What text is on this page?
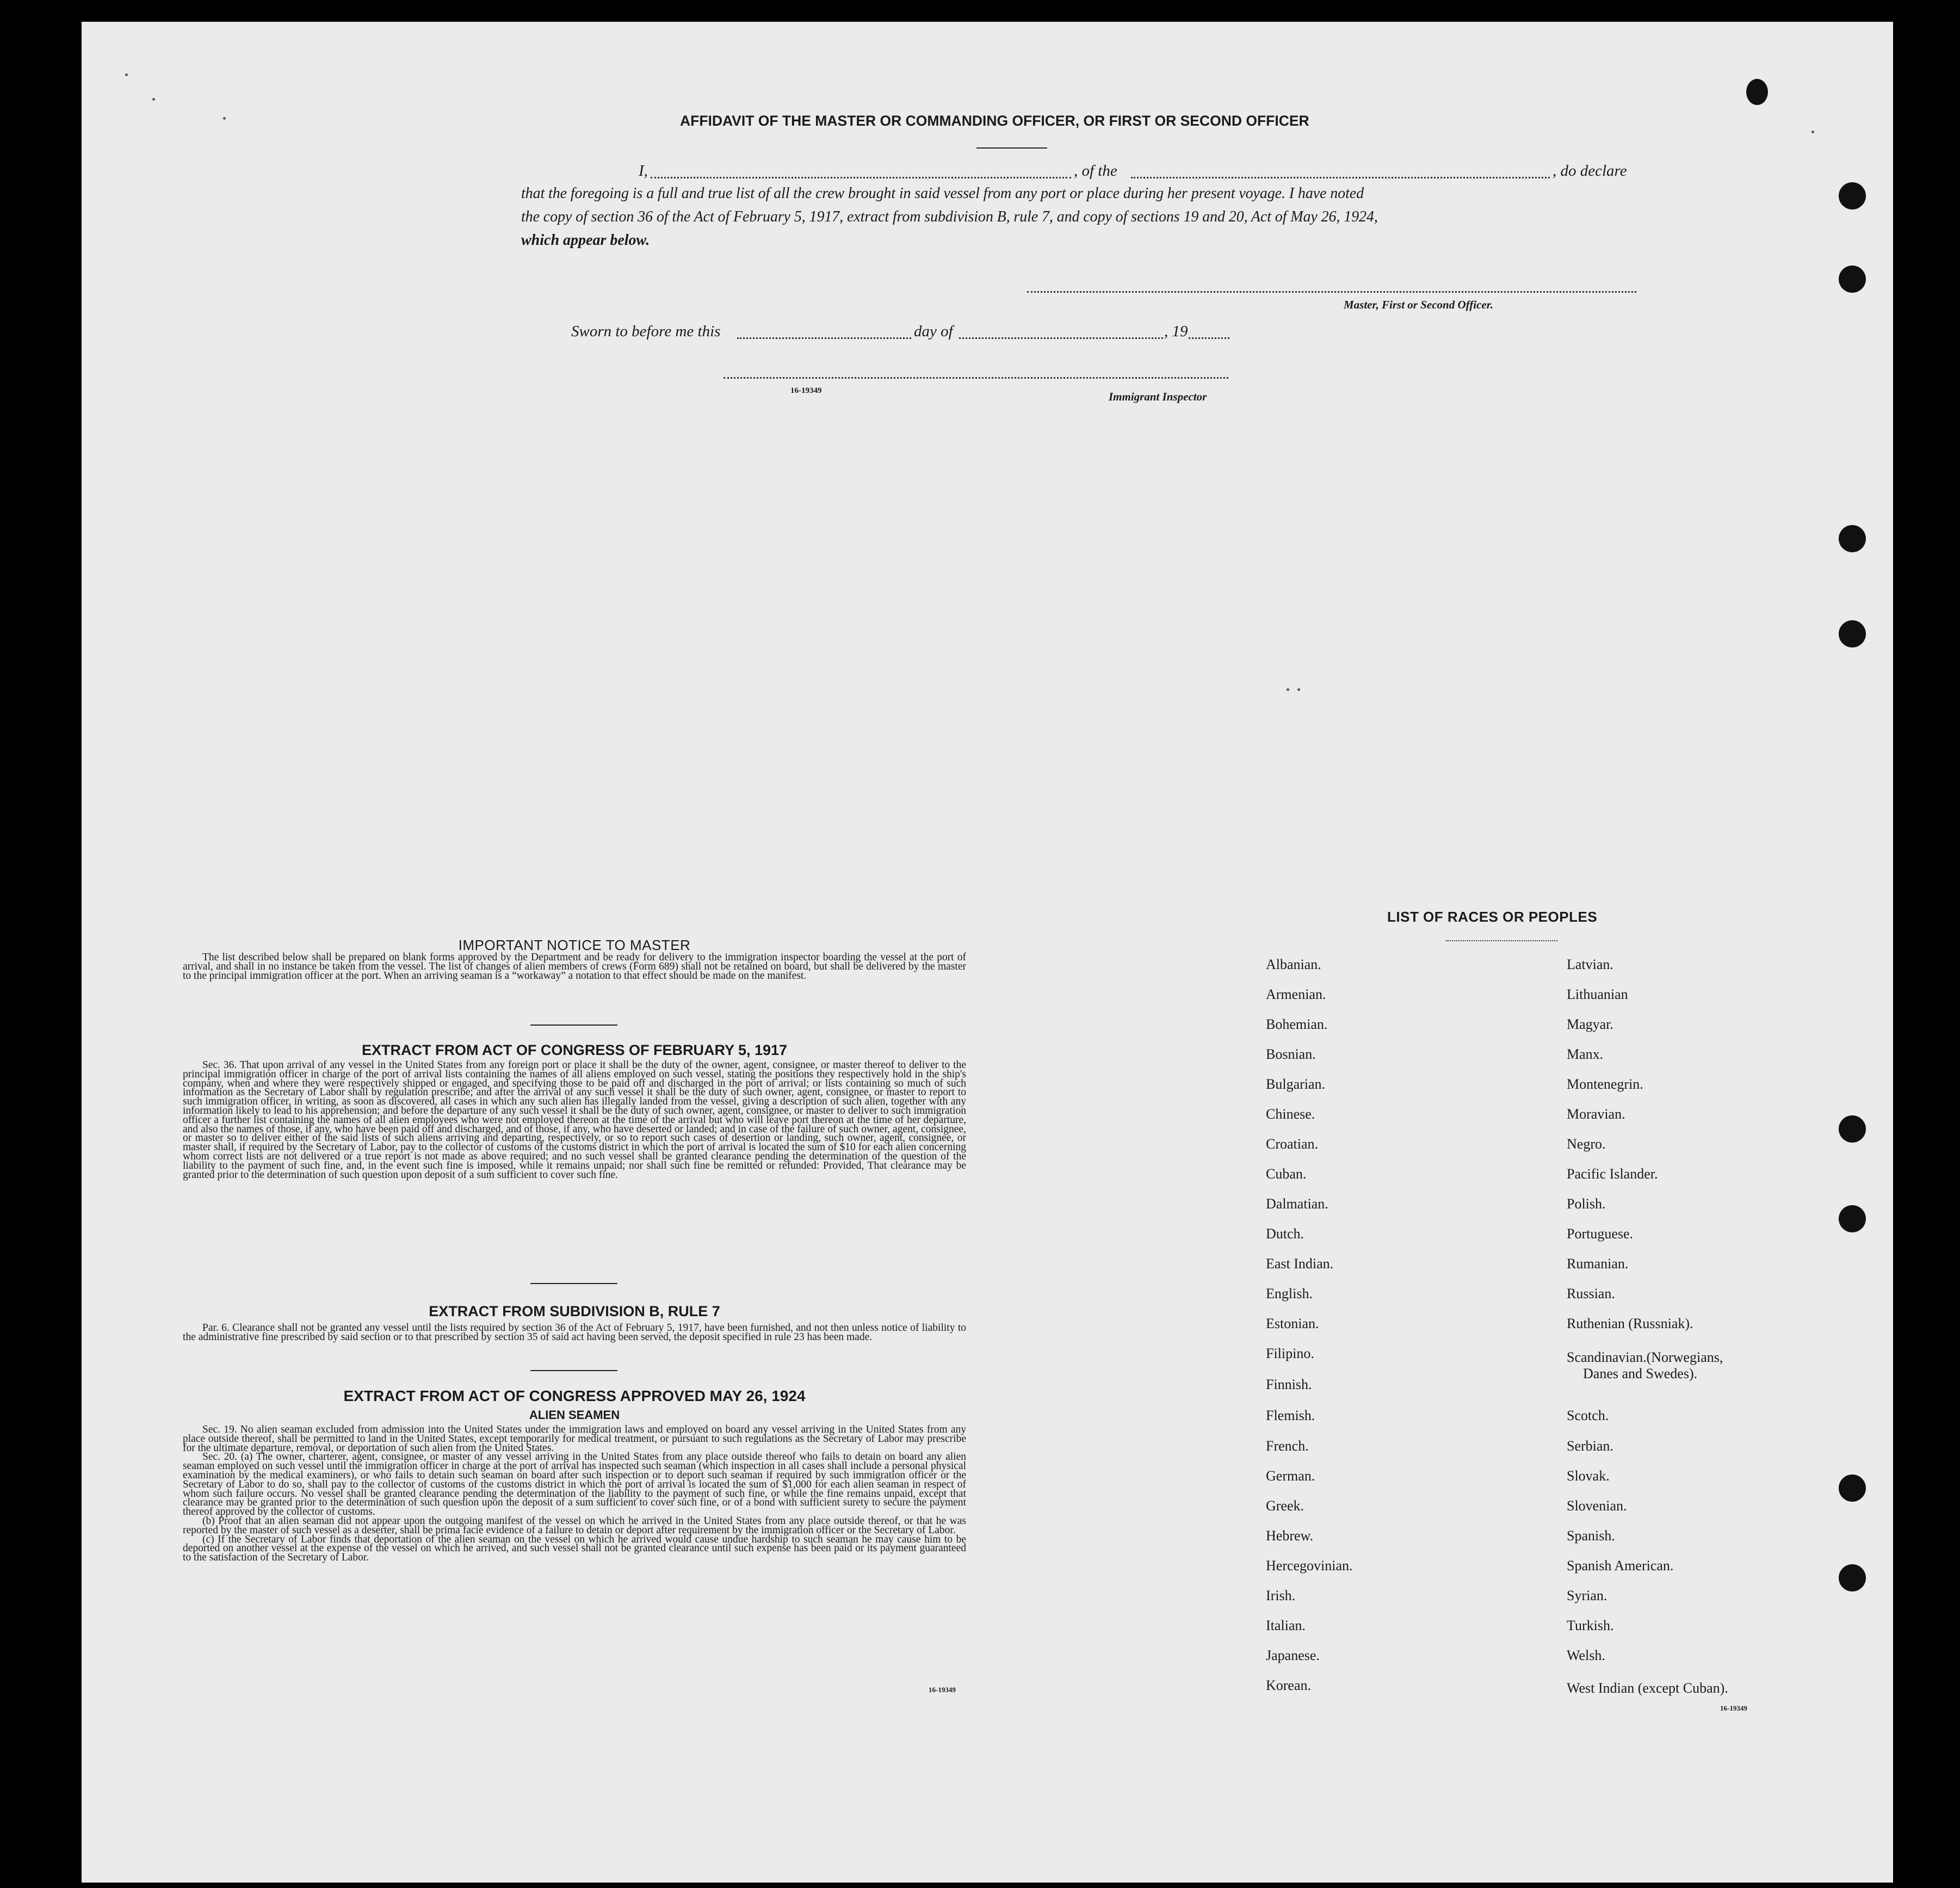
AFFIDAVIT OF THE MASTER OR COMMANDING OFFICER, OR FIRST OR SECOND OFFICER
I,	, of the	, do declare
that the foregoing is a full and true list of all the crew brought in said vessel from any port or place during her present voyage. I have noted
the copy of section 36 of the Act of February 5, 1917, extract from subdivision B, rule 7, and copy of sections 19 and 20, Act of May 26, 1924,
which appear below.
Master, First or Second Officer.
Sworn to before me this	day of	, 19
16-19349	Immigrant Inspector
IMPORTANT NOTICE TO MASTER

The list described below shall be prepared on blank forms approved by the Department and be ready for delivery to the immigration inspector boarding the vessel at the port of arrival, and shall in no instance be taken from the vessel. The list of changes of alien members of crews (Form 689) shall not be retained on board, but shall be delivered by the master to the principal immigration officer at the port. When an arriving seaman is a “workaway” a notation to that effect should be made on the manifest.

EXTRACT FROM ACT OF CONGRESS OF FEBRUARY 5, 1917

Sec. 36. That upon arrival of any vessel in the United States from any foreign port or place it shall be the duty of the owner, agent, consignee, or master thereof to deliver to the principal immigration officer in charge of the port of arrival lists containing the names of all aliens employed on such vessel, stating the positions they respectively hold in the ship's company, when and where they were respectively shipped or engaged, and specifying those to be paid off and discharged in the port of arrival; or lists containing so much of such information as the Secretary of Labor shall by regulation prescribe; and after the arrival of any such vessel it shall be the duty of such owner, agent, consignee, or master to report to such immigration officer, in writing, as soon as discovered, all cases in which any such alien has illegally landed from the vessel, giving a description of such alien, together with any information likely to lead to his apprehension; and before the departure of any such vessel it shall be the duty of such owner, agent, consignee, or master to deliver to such immigration officer a further list containing the names of all alien employees who were not employed thereon at the time of the arrival but who will leave port thereon at the time of her departure, and also the names of those, if any, who have been paid off and discharged, and of those, if any, who have deserted or landed; and in case of the failure of such owner, agent, consignee, or master so to deliver either of the said lists of such aliens arriving and departing, respectively, or so to report such cases of desertion or landing, such owner, agent, consignee, or master shall, if required by the Secretary of Labor, pay to the collector of customs of the customs district in which the port of arrival is located the sum of $10 for each alien concerning whom correct lists are not delivered or a true report is not made as above required; and no such vessel shall be granted clearance pending the determination of the question of the liability to the payment of such fine, and, in the event such fine is imposed, while it remains unpaid; nor shall such fine be remitted or refunded: Provided, That clearance may be granted prior to the determination of such question upon deposit of a sum sufficient to cover such fine.

EXTRACT FROM SUBDIVISION B, RULE 7

Par. 6. Clearance shall not be granted any vessel until the lists required by section 36 of the Act of February 5, 1917, have been furnished, and not then unless notice of liability to the administrative fine prescribed by said section or to that prescribed by section 35 of said act having been served, the deposit specified in rule 23 has been made.

EXTRACT FROM ACT OF CONGRESS APPROVED MAY 26, 1924
ALIEN SEAMEN

Sec. 19. No alien seaman excluded from admission into the United States under the immigration laws and employed on board any vessel arriving in the United States from any place outside thereof, shall be permitted to land in the United States, except temporarily for medical treatment, or pursuant to such regulations as the Secretary of Labor may prescribe for the ultimate departure, removal, or deportation of such alien from the United States.

Sec. 20. (a) The owner, charterer, agent, consignee, or master of any vessel arriving in the United States from any place outside thereof who fails to detain on board any alien seaman employed on such vessel until the immigration officer in charge at the port of arrival has inspected such seaman (which inspection in all cases shall include a personal physical examination by the medical examiners), or who fails to detain such seaman on board after such inspection or to deport such seaman if required by such immigration officer or the Secretary of Labor to do so, shall pay to the collector of customs of the customs district in which the port of arrival is located the sum of $1,000 for each alien seaman in respect of whom such failure occurs. No vessel shall be granted clearance pending the determination of the liability to the payment of such fine, or while the fine remains unpaid, except that clearance may be granted prior to the determination of such question upon the deposit of a sum sufficient to cover such fine, or of a bond with sufficient surety to secure the payment thereof approved by the collector of customs.

(b) Proof that an alien seaman did not appear upon the outgoing manifest of the vessel on which he arrived in the United States from any place outside thereof, or that he was reported by the master of such vessel as a deserter, shall be prima facie evidence of a failure to detain or deport after requirement by the immigration officer or the Secretary of Labor.

(c) If the Secretary of Labor finds that deportation of the alien seaman on the vessel on which he arrived would cause undue hardship to such seaman he may cause him to be deported on another vessel at the expense of the vessel on which he arrived, and such vessel shall not be granted clearance until such expense has been paid or its payment guaranteed to the satisfaction of the Secretary of Labor.

16-19349
LIST OF RACES OR PEOPLES
Albanian.
Armenian.
Bohemian.
Bosnian.
Bulgarian.
Chinese.
Croatian.
Cuban.
Dalmatian.
Dutch.
East Indian.
English.
Estonian.
Filipino.
Finnish.
Flemish.
French.
German.
Greek.
Hebrew.
Hercegovinian.
Irish.
Italian.
Japanese.
Korean.
Latvian.
Lithuanian
Magyar.
Manx.
Montenegrin.
Moravian.
Negro.
Pacific Islander.
Polish.
Portuguese.
Rumanian.
Russian.
Ruthenian (Russniak).
Scandinavian.(Norwegians,
Danes and Swedes).
Scotch.
Serbian.
Slovak.
Slovenian.
Spanish.
Spanish American.
Syrian.
Turkish.
Welsh.
West Indian (except Cuban).
16-19349
